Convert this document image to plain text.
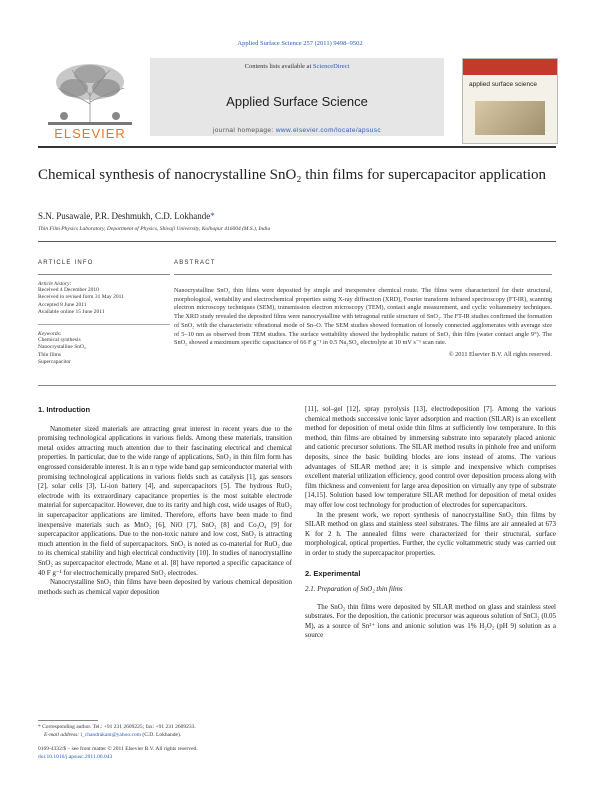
Applied Surface Science 257 (2011) 9498–9502
ELSEVIER
Contents lists available at ScienceDirect
Applied Surface Science
journal homepage: www.elsevier.com/locate/apsusc
applied surface science
Chemical synthesis of nanocrystalline SnO₂ thin films for supercapacitor application
S.N. Pusawale, P.R. Deshmukh, C.D. Lokhande*
Thin Film Physics Laboratory, Department of Physics, Shivaji University, Kolhapur 416004 (M.S.), India
ARTICLE INFO
Article history:
Received 4 December 2010
Received in revised form 31 May 2011
Accepted 8 June 2011
Available online 15 June 2011
Keywords:
Chemical synthesis
Nanocrystalline SnO₂
Thin films
Supercapacitor
ABSTRACT

Nanocrystalline SnO₂ thin films were deposited by simple and inexpensive chemical route. The films were characterized for their structural, morphological, wettability and electrochemical properties using X-ray diffraction (XRD), Fourier transform infrared spectroscopy (FT-IR), scanning electron microscopy techniques (SEM), transmission electron microscopy (TEM), contact angle measurement, and cyclic voltammetry techniques. The XRD study revealed the deposited films were nanocrystalline with tetragonal rutile structure of SnO₂. The FT-IR studies confirmed the formation of SnO₂ with the characteristic vibrational mode of Sn–O. The SEM studies showed formation of loosely connected agglomerates with average size of 5–10 nm as observed from TEM studies. The surface wettability showed the hydrophilic nature of SnO₂ thin film (water contact angle 9°). The SnO₂ showed a maximum specific capacitance of 66 F g⁻¹ in 0.5 Na₂SO₄ electrolyte at 10 mV s⁻¹ scan rate.

© 2011 Elsevier B.V. All rights reserved.
1. Introduction

Nanometer sized materials are attracting great interest in recent years due to the promising technological applications in various fields. Among these materials, transition metal oxides attracting much attention due to their fascinating electrical and chemical properties. In particular, due to the wide range of applications, SnO₂ in thin film form has engrossed considerable interest. It is an n type wide band gap semiconductor material with promising technological applications in various fields such as catalysis [1], gas sensors [2], solar cells [3], Li-ion battery [4], and supercapacitors [5]. The hydrous RuO₂ electrode with its extraordinary capacitance properties is the most suitable electrode material for supercapacitor. However, due to its rarity and high cost, wide usages of RuO₂ in supercapacitor applications are limited. Therefore, efforts have been made to find inexpensive materials such as MnO₂ [6], NiO [7], SnO₂ [8] and Co₃O₄ [9] for supercapacitor applications. Due to the non-toxic nature and low cost, SnO₂ is attracting much attention in the field of supercapacitors. SnO₂ is noted as co-material for RuO₂ due to its chemical stability and high electrical conductivity [10]. In studies of nanocrystalline SnO₂ as supercapacitor electrode, Mane et al. [8] have reported a specific capacitance of 40 F g⁻¹ for electrochemically prepared SnO₂ electrodes.

Nanocrystalline SnO₂ thin films have been deposited by various chemical deposition methods such as chemical vapor deposition

[11], sol–gel [12], spray pyrolysis [13], electrodeposition [7]. Among the various chemical methods successive ionic layer adsorption and reaction (SILAR) is an excellent method for deposition of metal oxide thin films at sufficiently low temperature. In this method, thin films are obtained by immersing substrate into separately placed anionic and cationic precursor solutions. The SILAR method results in pinhole free and uniform deposits, since the basic building blocks are ions instead of atoms. The various advantages of SILAR method are; it is simple and inexpensive which comprises excellent material utilization efficiency, good control over deposition process along with film thickness and convenient for large area deposition on virtually any type of substrate [14,15]. Solution based low temperature SILAR method for deposition of metal oxides may offer low cost technology for production of electrodes for supercapacitors.

In the present work, we report synthesis of nanocrystalline SnO₂ thin films by SILAR method on glass and stainless steel substrates. The films are air annealed at 673 K for 2 h. The annealed films were characterized for their structural, surface morphological, optical properties. Further, the cyclic voltammetric study was carried out in order to study the supercapacitor properties.

2. Experimental
2.1. Preparation of SnO₂ thin films

The SnO₂ thin films were deposited by SILAR method on glass and stainless steel substrates. For the deposition, the cationic precursor was aqueous solution of SnCl₂ (0.05 M), as a source of Sn²⁺ ions and anionic solution was 1% H₂O₂ (pH 9) solution as a source

* Corresponding author. Tel.: +91 231 2609225; fax: +91 231 2609233.
E-mail address: l_chandrakant@yahoo.com (C.D. Lokhande).
0169-4332/$ – see front matter © 2011 Elsevier B.V. All rights reserved.
doi:10.1016/j.apsusc.2011.06.043
